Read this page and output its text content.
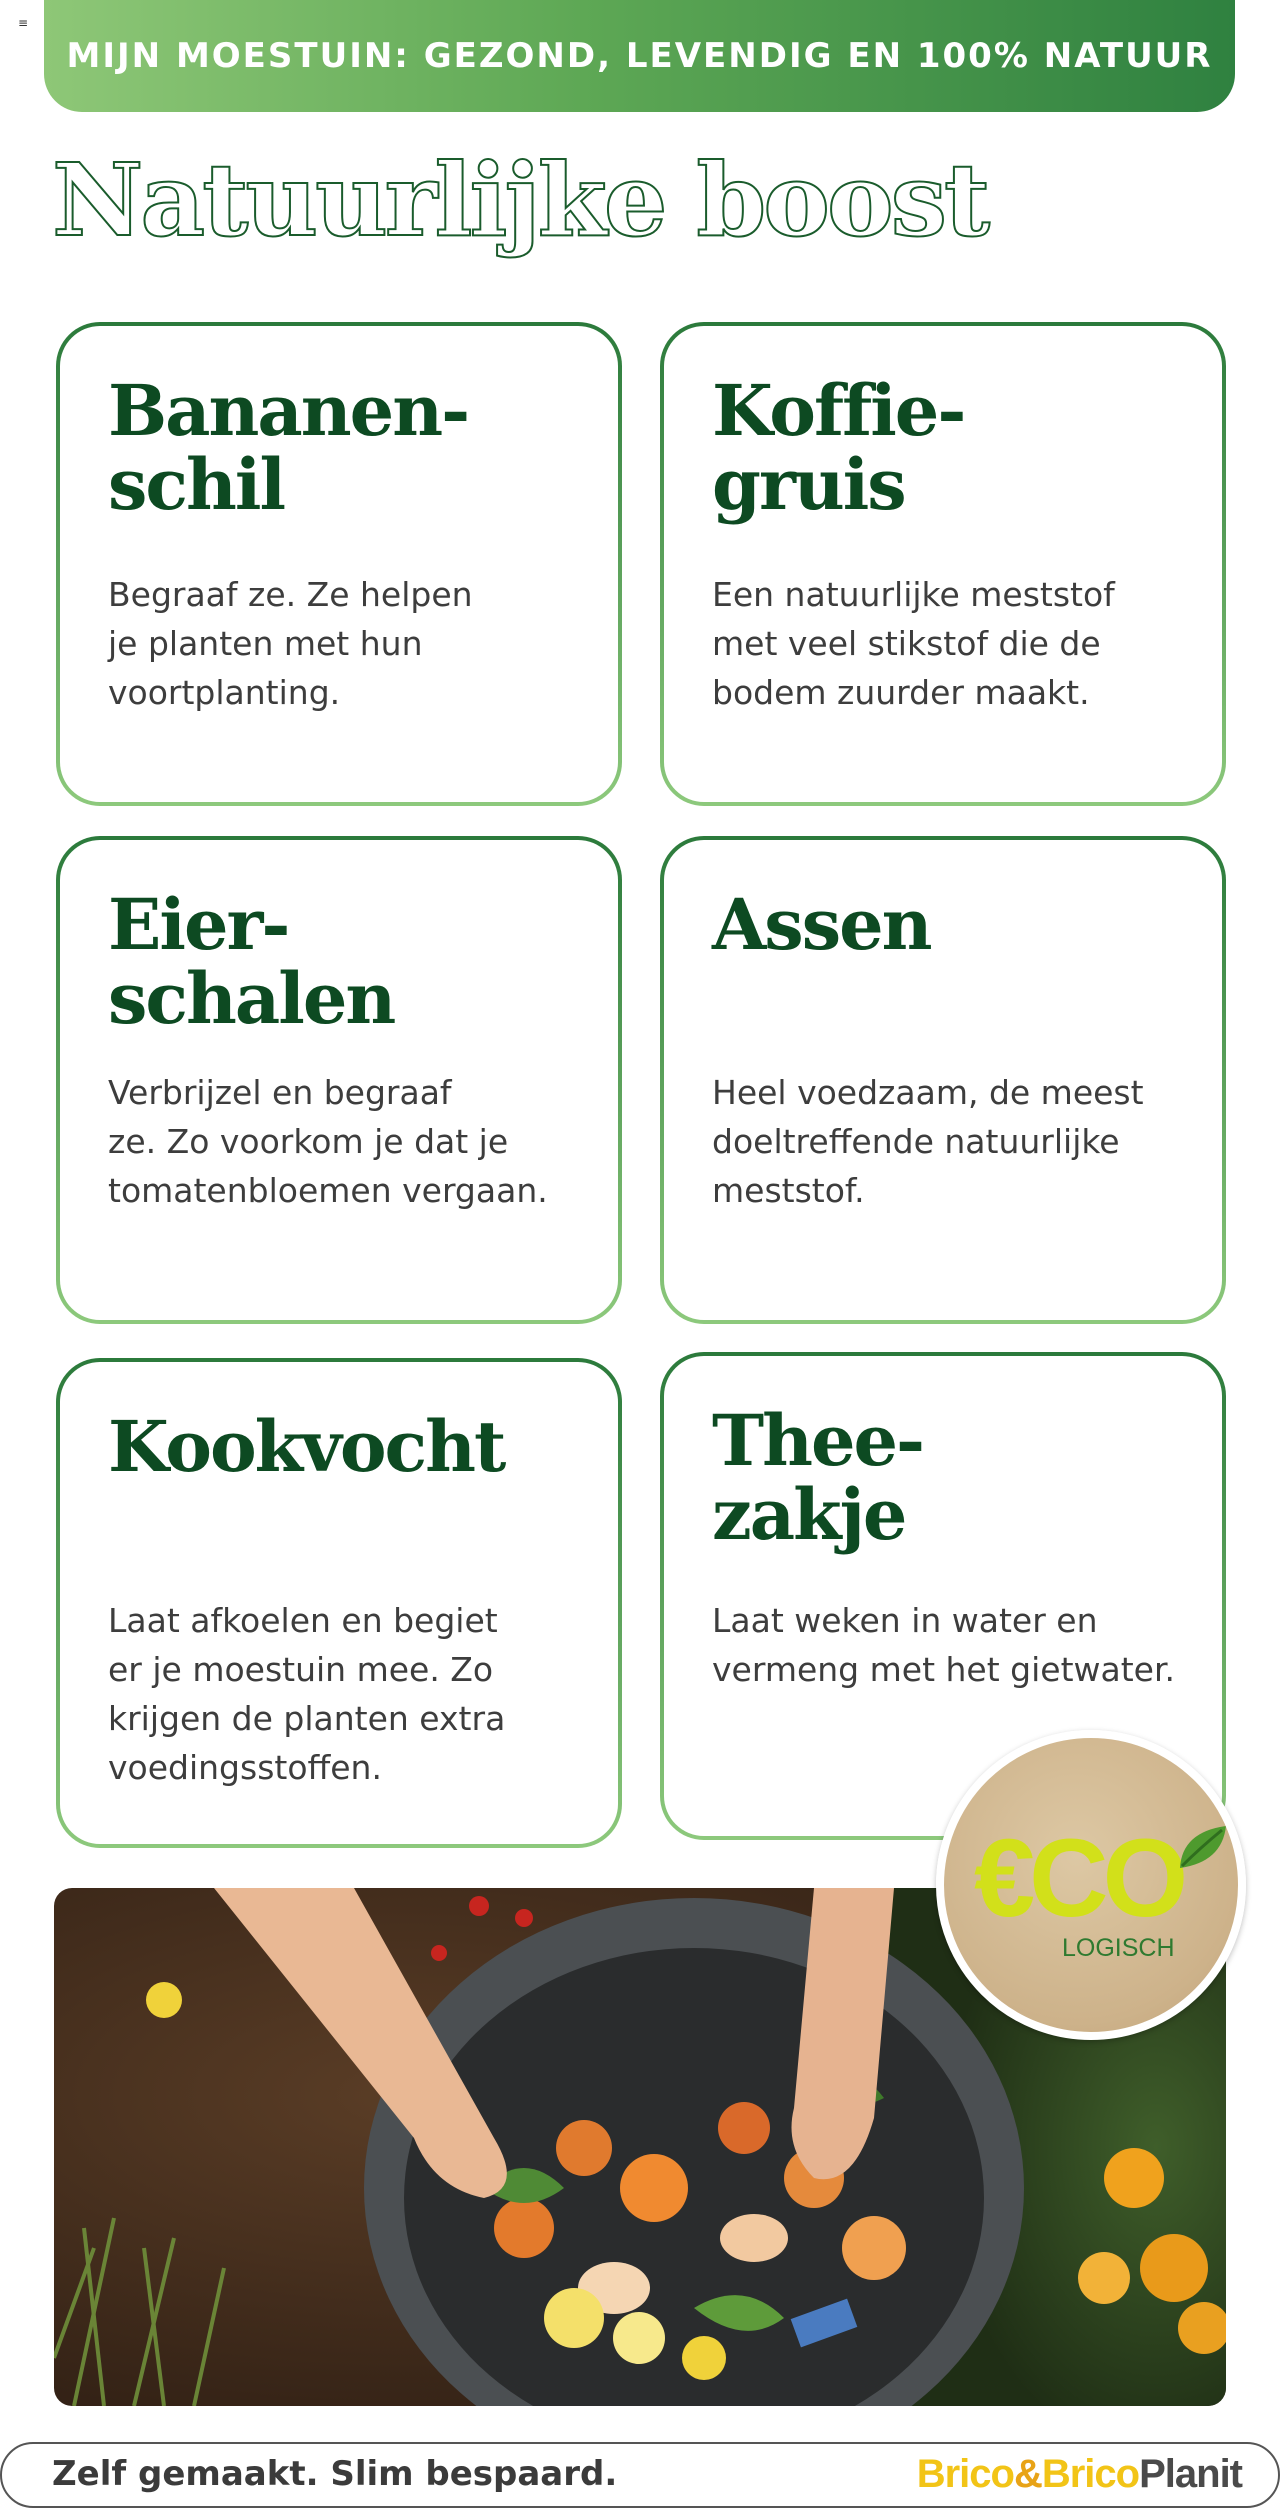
≡
MIJN MOESTUIN: GEZOND, LEVENDIG EN 100% NATUUR
Natuurlijke boost
Bananen-
schil

Begraaf ze. Ze helpen
je planten met hun
voortplanting.

Koffie-
gruis

Een natuurlijke meststof
met veel stikstof die de
bodem zuurder maakt.

Eier-
schalen

Verbrijzel en begraaf
ze. Zo voorkom je dat je
tomatenbloemen vergaan.

Assen

Heel voedzaam, de meest
doeltreffende natuurlijke
meststof.

Kookvocht

Laat afkoelen en begiet
er je moestuin mee. Zo
krijgen de planten extra
voedingsstoffen.

Thee-
zakje

Laat weken in water en
vermeng met het gietwater.

€CO
LOGISCH
Zelf gemaakt. Slim bespaard.	Brico&BricoPlanit
